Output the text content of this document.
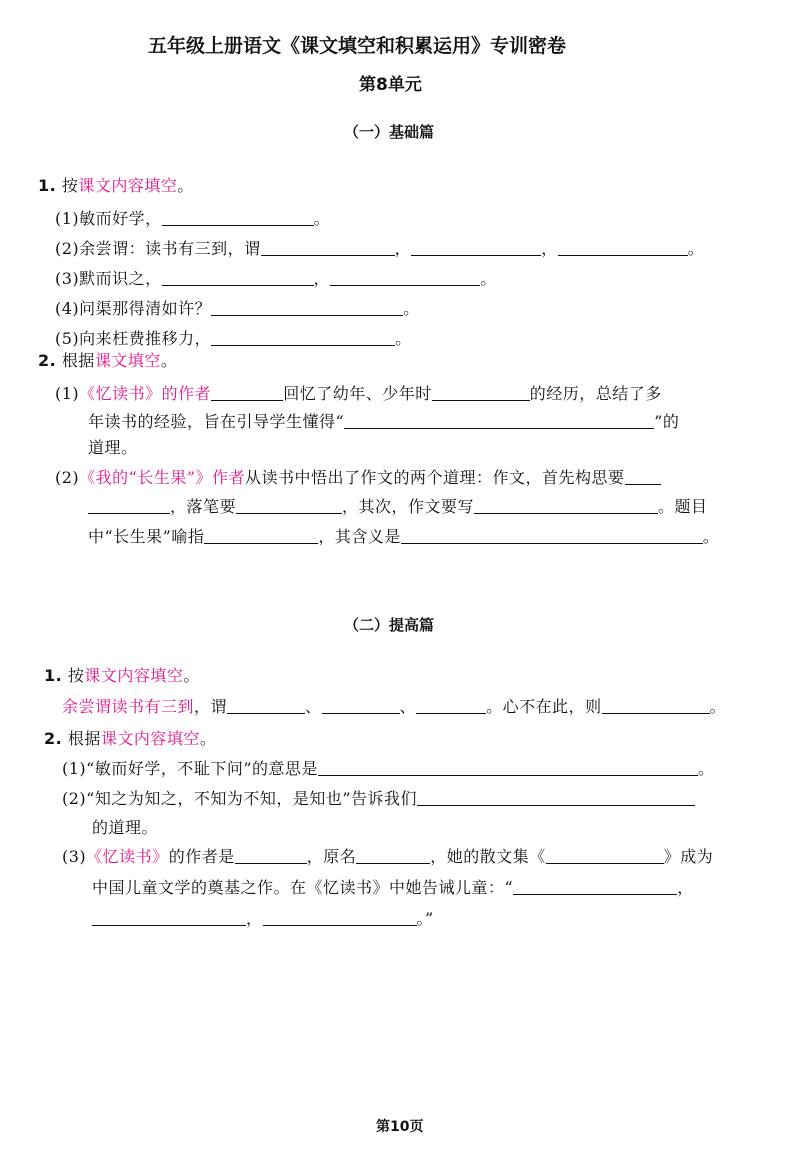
五年级上册语文《课文填空和积累运用》专训密卷
第8单元
（一）基础篇
1. 按课文内容填空。
(1)敏而好学，	。
(2)余尝谓：读书有三到，谓	，	，	。
(3)默而识之，	，	。
(4)问渠那得清如许？	。
(5)向来枉费推移力，	。
2. 根据课文填空。
(1)《忆读书》的作者	回忆了幼年、少年时	的经历，总结了多
年读书的经验，旨在引导学生懂得“	”的
道理。
(2)《我的“长生果”》作者从读书中悟出了作文的两个道理：作文，首先构思要
，落笔要	，其次，作文要写	。题目
中“长生果”喻指	，其含义是	。
（二）提高篇
1. 按课文内容填空。
余尝谓读书有三到，谓	、	、	。心不在此，则	。
2. 根据课文内容填空。
(1)“敏而好学，不耻下问”的意思是	。
(2)“知之为知之，不知为不知，是知也”告诉我们
的道理。
(3)《忆读书》的作者是	，原名	，她的散文集《	》成为
中国儿童文学的奠基之作。在《忆读书》中她告诫儿童：“	，
，	。”
第10页
